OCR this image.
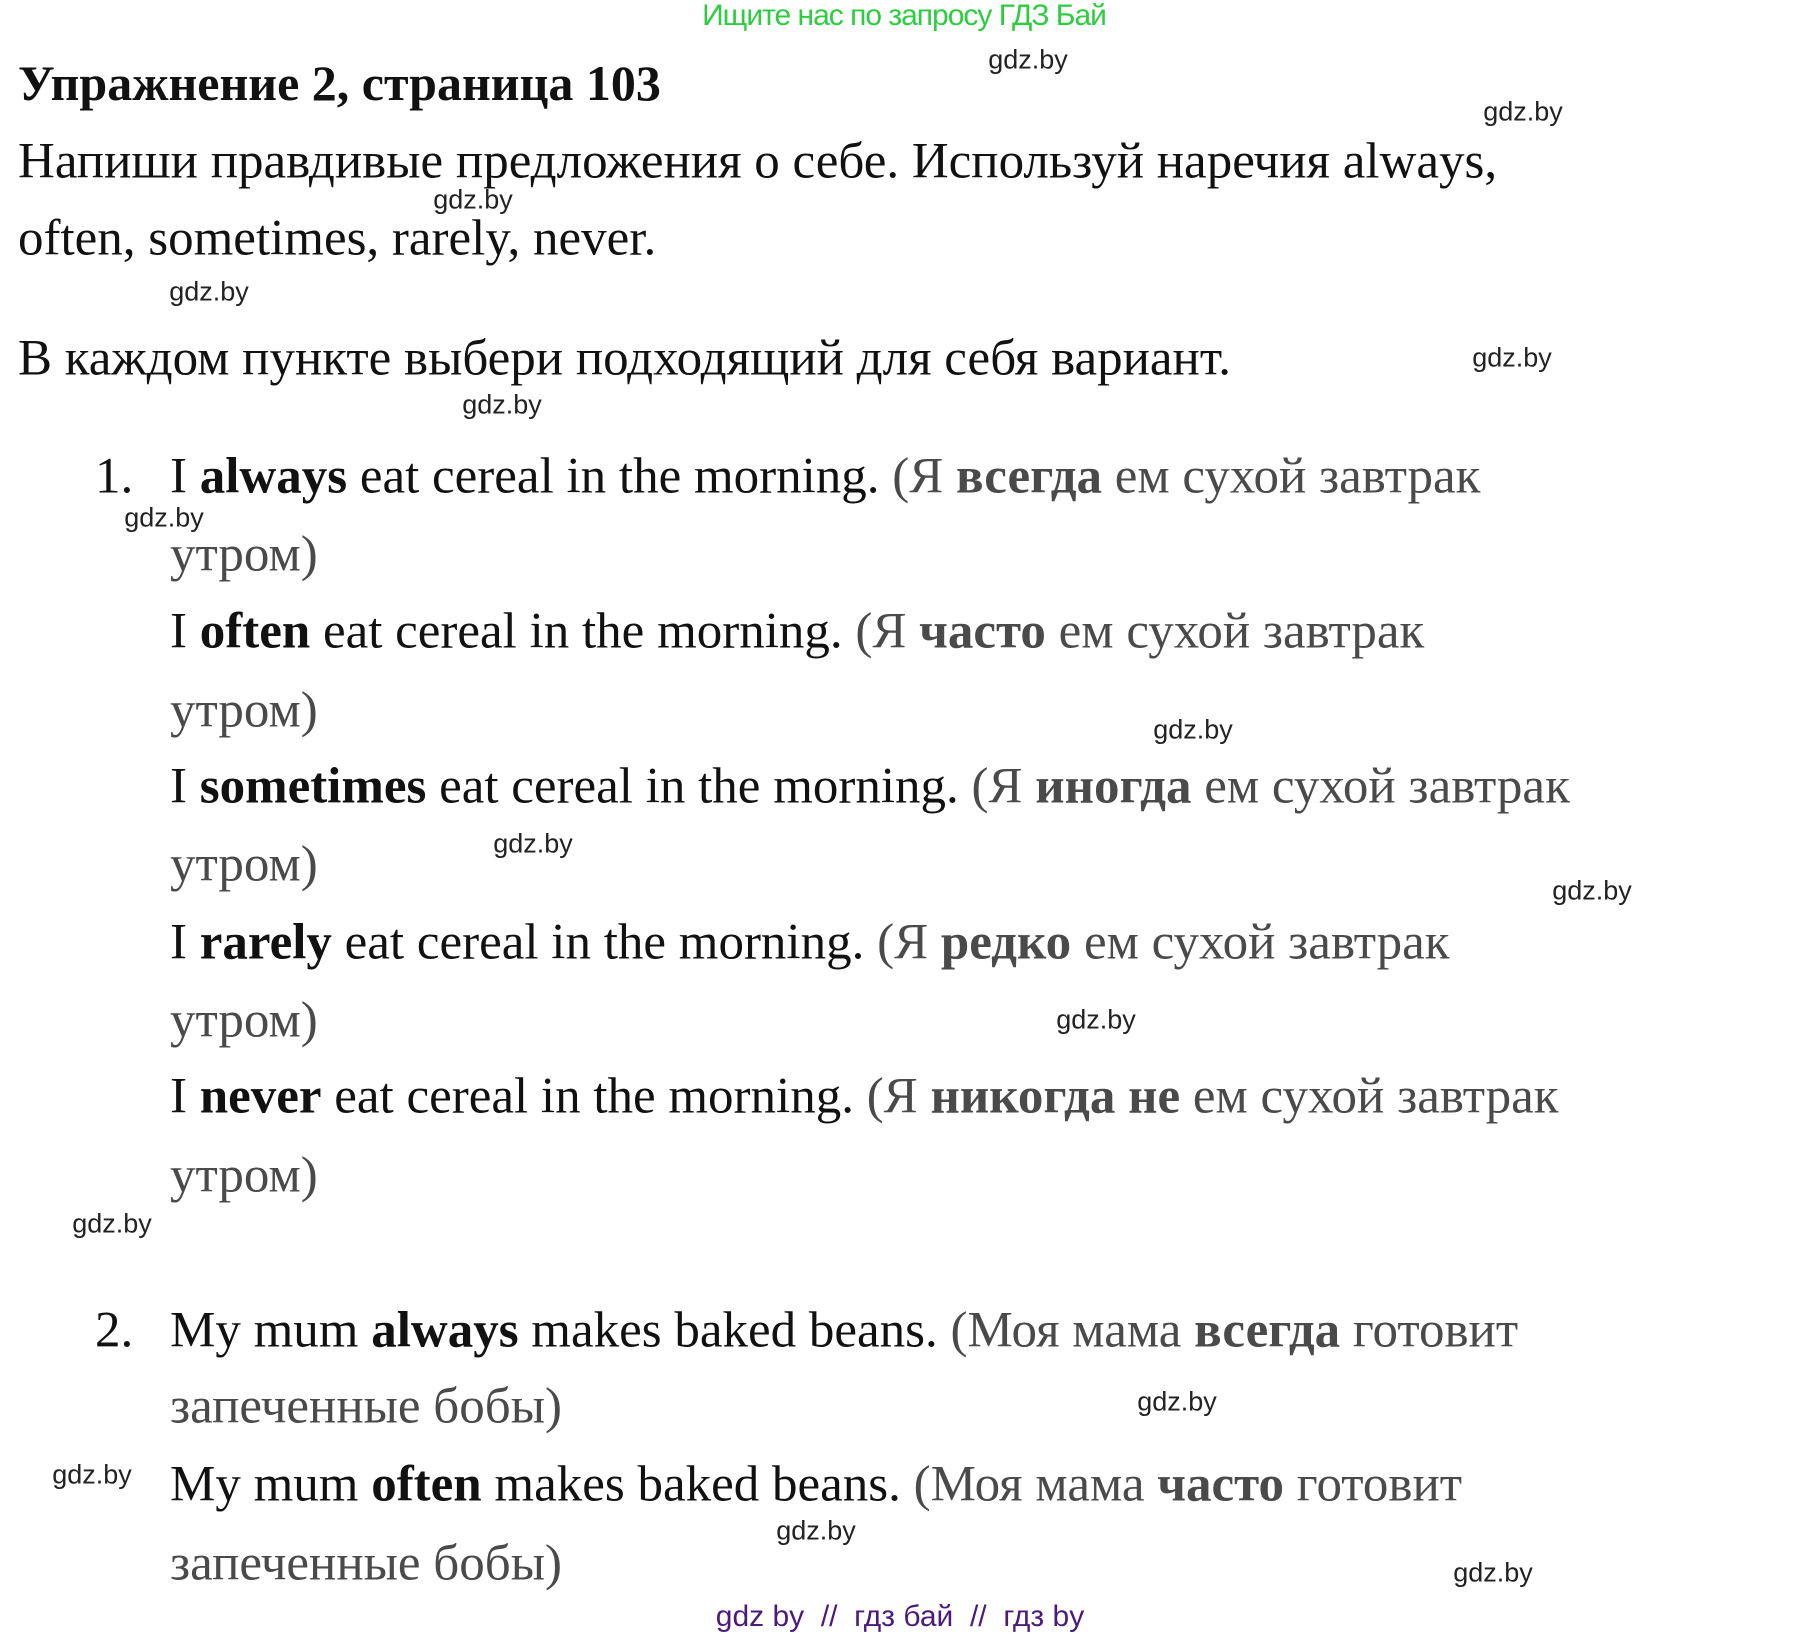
Ищите нас по запросу ГДЗ Бай
Упражнение 2, страница 103
Напиши правдивые предложения о себе. Используй наречия always,
often, sometimes, rarely, never.
В каждом пункте выбери подходящий для себя вариант.
1. I always eat cereal in the morning. (Я всегда ем сухой завтрак
утром)
I often eat cereal in the morning. (Я часто ем сухой завтрак
утром)
I sometimes eat cereal in the morning. (Я иногда ем сухой завтрак
утром)
I rarely eat cereal in the morning. (Я редко ем сухой завтрак
утром)
I never eat cereal in the morning. (Я никогда не ем сухой завтрак
утром)
2. My mum always makes baked beans. (Моя мама всегда готовит
запеченные бобы)
My mum often makes baked beans. (Моя мама часто готовит
запеченные бобы)
gdz.by
gdz.by
gdz.by
gdz.by
gdz.by
gdz.by
gdz.by
gdz.by
gdz.by
gdz.by
gdz.by
gdz.by
gdz.by
gdz.by
gdz.by
gdz.by
gdz by  //  гдз бай  //  гдз by
